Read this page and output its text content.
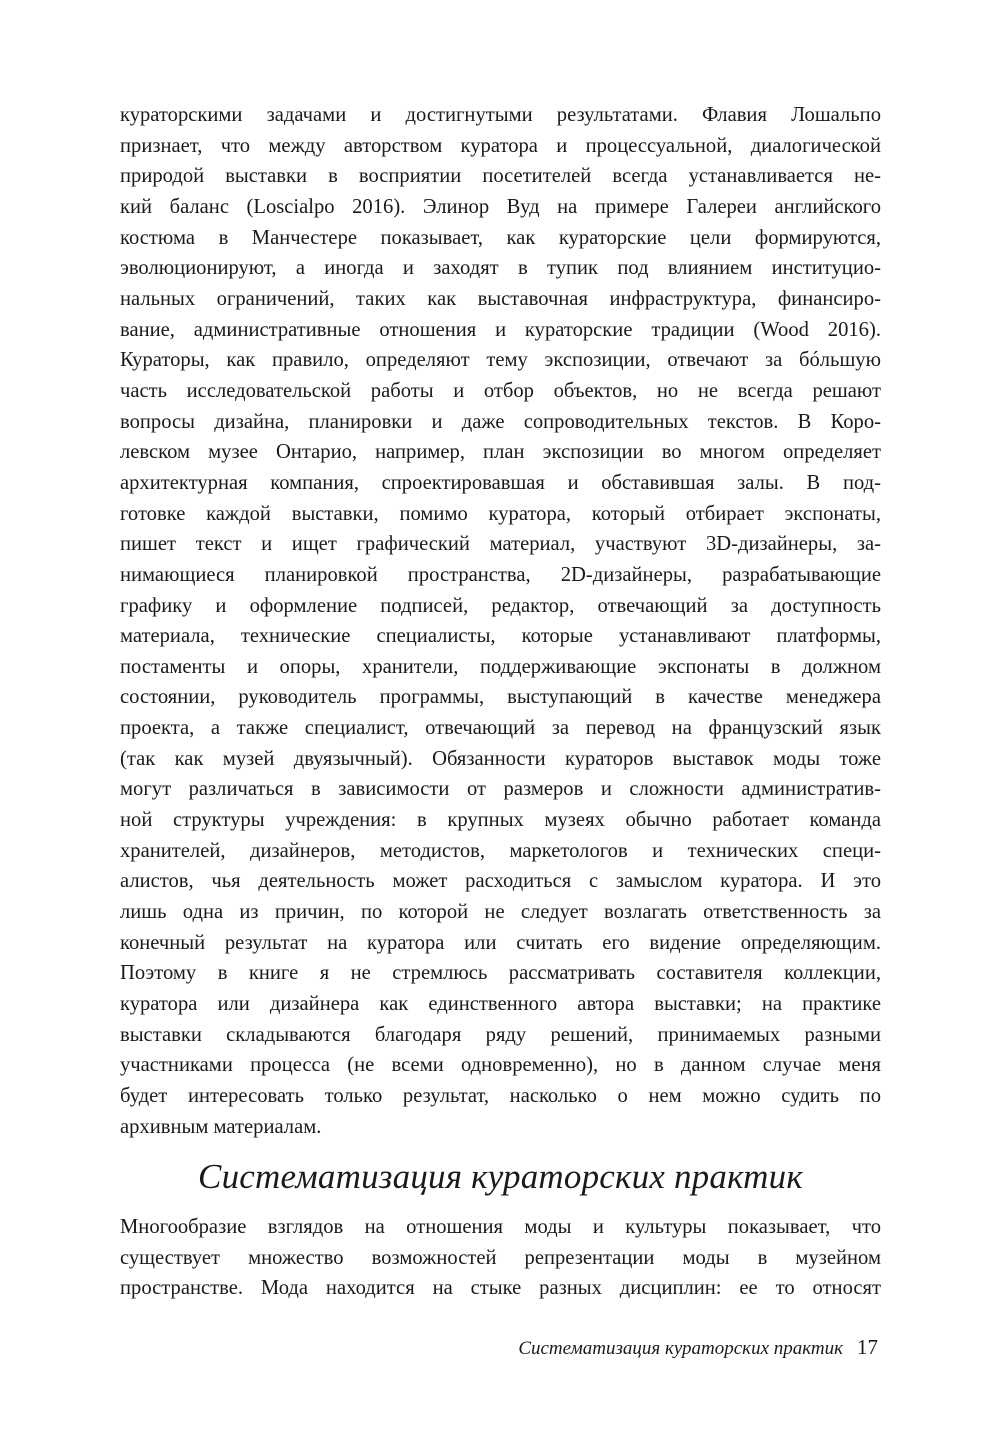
кураторскими задачами и достигнутыми результатами. Флавия Лошальпо
признает, что между авторством куратора и процессуальной, диалогической
природой выставки в восприятии посетителей всегда устанавливается не-
кий баланс (Loscialpo 2016). Элинор Вуд на примере Галереи английского
костюма в Манчестере показывает, как кураторские цели формируются,
эволюционируют, а иногда и заходят в тупик под влиянием институцио-
нальных ограничений, таких как выставочная инфраструктура, финансиро-
вание, административные отношения и кураторские традиции (Wood 2016).
Кураторы, как правило, определяют тему экспозиции, отвечают за бóльшую
часть исследовательской работы и отбор объектов, но не всегда решают
вопросы дизайна, планировки и даже сопроводительных текстов. В Коро-
левском музее Онтарио, например, план экспозиции во многом определяет
архитектурная компания, спроектировавшая и обставившая залы. В под-
готовке каждой выставки, помимо куратора, который отбирает экспонаты,
пишет текст и ищет графический материал, участвуют 3D-дизайнеры, за-
нимающиеся планировкой пространства, 2D-дизайнеры, разрабатывающие
графику и оформление подписей, редактор, отвечающий за доступность
материала, технические специалисты, которые устанавливают платформы,
постаменты и опоры, хранители, поддерживающие экспонаты в должном
состоянии, руководитель программы, выступающий в качестве менеджера
проекта, а также специалист, отвечающий за перевод на французский язык
(так как музей двуязычный). Обязанности кураторов выставок моды тоже
могут различаться в зависимости от размеров и сложности административ-
ной структуры учреждения: в крупных музеях обычно работает команда
хранителей, дизайнеров, методистов, маркетологов и технических специ-
алистов, чья деятельность может расходиться с замыслом куратора. И это
лишь одна из причин, по которой не следует возлагать ответственность за
конечный результат на куратора или считать его видение определяющим.
Поэтому в книге я не стремлюсь рассматривать составителя коллекции,
куратора или дизайнера как единственного автора выставки; на практике
выставки складываются благодаря ряду решений, принимаемых разными
участниками процесса (не всеми одновременно), но в данном случае меня
будет интересовать только результат, насколько о нем можно судить по
архивным материалам.

Систематизация кураторских практик

Многообразие взглядов на отношения моды и культуры показывает, что
существует множество возможностей репрезентации моды в музейном
пространстве. Мода находится на стыке разных дисциплин: ее то относят

Систематизация кураторских практик 17
